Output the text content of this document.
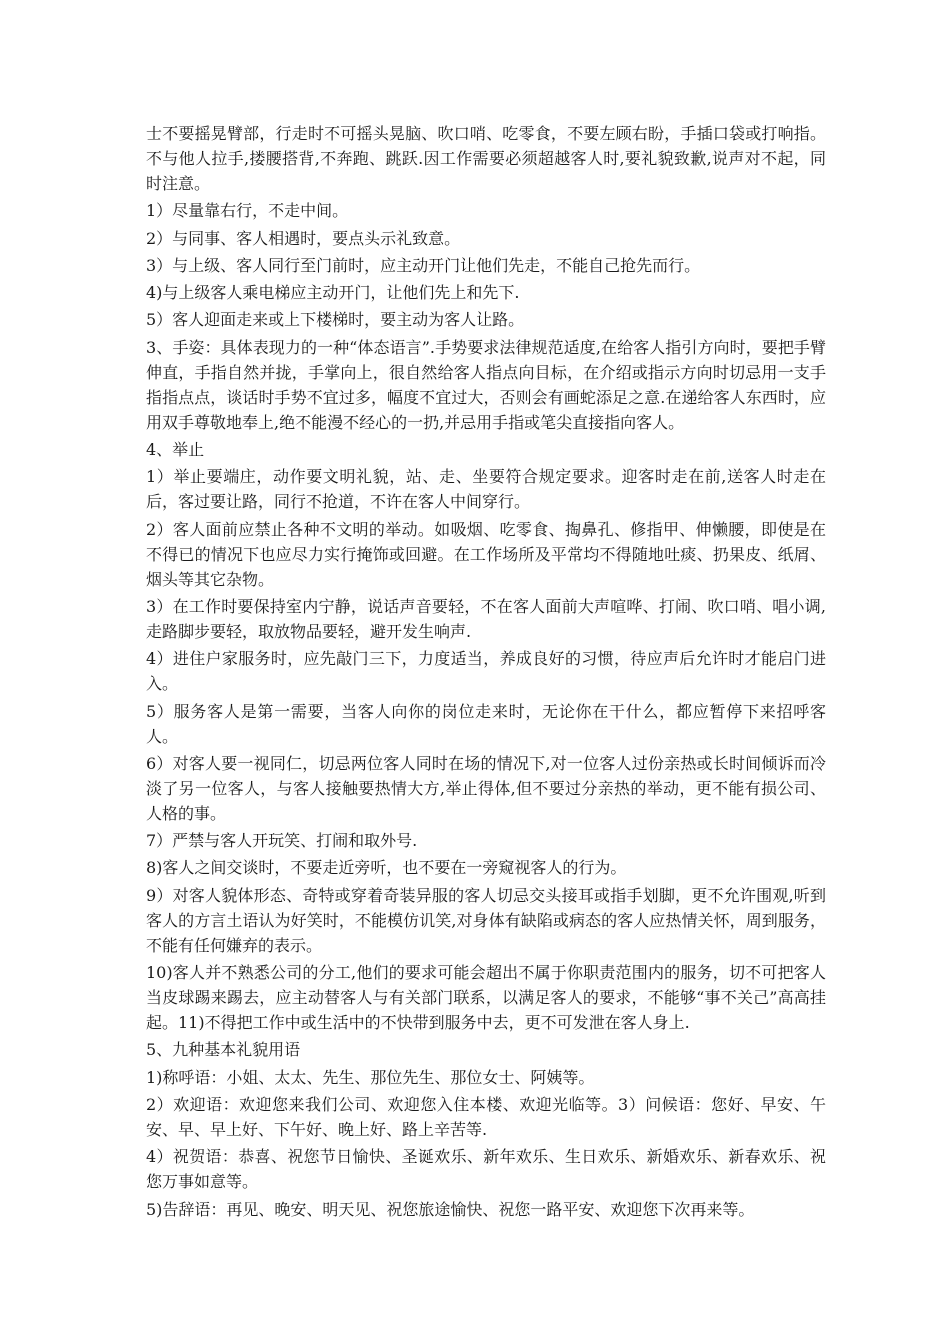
士不要摇晃臂部，行走时不可摇头晃脑、吹口哨、吃零食，不要左顾右盼，手插口袋或打响指。不与他人拉手,搂腰搭背,不奔跑、跳跃.因工作需要必须超越客人时,要礼貌致歉,说声对不起，同时注意。

1）尽量靠右行，不走中间。

2）与同事、客人相遇时，要点头示礼致意。

3）与上级、客人同行至门前时，应主动开门让他们先走，不能自己抢先而行。

4)与上级客人乘电梯应主动开门，让他们先上和先下.

5）客人迎面走来或上下楼梯时，要主动为客人让路。

3、手姿：具体表现力的一种“体态语言”.手势要求法律规范适度,在给客人指引方向时，要把手臂伸直，手指自然并拢，手掌向上，很自然给客人指点向目标，在介绍或指示方向时切忌用一支手指指点点，谈话时手势不宜过多，幅度不宜过大，否则会有画蛇添足之意.在递给客人东西时，应用双手尊敬地奉上,绝不能漫不经心的一扔,并忌用手指或笔尖直接指向客人。

4、举止

1）举止要端庄，动作要文明礼貌，站、走、坐要符合规定要求。迎客时走在前,送客人时走在后，客过要让路，同行不抢道，不许在客人中间穿行。

2）客人面前应禁止各种不文明的举动。如吸烟、吃零食、掏鼻孔、修指甲、伸懒腰，即使是在不得已的情况下也应尽力实行掩饰或回避。在工作场所及平常均不得随地吐痰、扔果皮、纸屑、烟头等其它杂物。

3）在工作时要保持室内宁静，说话声音要轻，不在客人面前大声喧哗、打闹、吹口哨、唱小调,走路脚步要轻，取放物品要轻，避开发生响声.

4）进住户家服务时，应先敲门三下，力度适当，养成良好的习惯，待应声后允许时才能启门进入。

5）服务客人是第一需要，当客人向你的岗位走来时，无论你在干什么，都应暂停下来招呼客人。

6）对客人要一视同仁，切忌两位客人同时在场的情况下,对一位客人过份亲热或长时间倾诉而冷淡了另一位客人，与客人接触要热情大方,举止得体,但不要过分亲热的举动，更不能有损公司、人格的事。

7）严禁与客人开玩笑、打闹和取外号.

8)客人之间交谈时，不要走近旁听，也不要在一旁窥视客人的行为。

9）对客人貌体形态、奇特或穿着奇装异服的客人切忌交头接耳或指手划脚，更不允许围观,听到客人的方言土语认为好笑时，不能模仿讥笑,对身体有缺陷或病态的客人应热情关怀，周到服务，不能有任何嫌弃的表示。

10)客人并不熟悉公司的分工,他们的要求可能会超出不属于你职责范围内的服务，切不可把客人当皮球踢来踢去，应主动替客人与有关部门联系，以满足客人的要求，不能够“事不关己”高高挂起。11)不得把工作中或生活中的不快带到服务中去，更不可发泄在客人身上.

5、九种基本礼貌用语

1)称呼语：小姐、太太、先生、那位先生、那位女士、阿姨等。

2）欢迎语：欢迎您来我们公司、欢迎您入住本楼、欢迎光临等。3）问候语：您好、早安、午安、早、早上好、下午好、晚上好、路上辛苦等.

4）祝贺语：恭喜、祝您节日愉快、圣诞欢乐、新年欢乐、生日欢乐、新婚欢乐、新春欢乐、祝您万事如意等。

5)告辞语：再见、晚安、明天见、祝您旅途愉快、祝您一路平安、欢迎您下次再来等。
